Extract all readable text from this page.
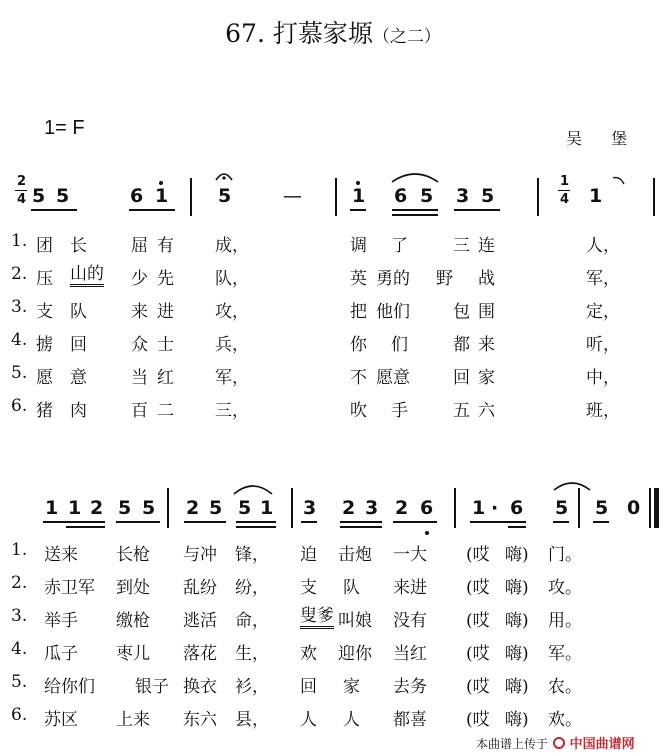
67. 打慕家塬（之二）
1= F	吴 堡
2
4 5 5	6 1	5	—	1 6 5 3 5
1
4 1
1. 团 长	屈 有 成，	调 了	三 连	人，
2. 压 山的 少 先 队，	英 勇的 野 战	军，
3. 支 队	来 进 攻，	把 他们	包 围	定，
4. 掳 回	众 士 兵，	你 们	都 来	听，
5. 愿 意	当 红 军，	不 愿意	回 家	中，
6. 猪 肉	百 二 三，	吹 手	五 六	班，
1 1 2 5 5 2 5 5 1 3 2 3 2 6 1 · 6 5 5 0
1. 送来 长枪 与冲 锋， 迫 击炮 一大 (哎 嗨) 门。
2. 赤卫军 到处 乱纷 纷， 支 队 来进 (哎 嗨) 攻。
3. 举手 缴枪 逃活 命， 叟爹 叫娘 没有 (哎 嗨) 用。
4. 瓜子 枣儿 落花 生， 欢 迎你 当红 (哎 嗨) 军。
5. 给你们 银子 换衣 衫， 回 家 去务 (哎 嗨) 农。
6. 苏区 上来 东六 县， 人 人 都喜 (哎 嗨) 欢。
本曲谱上传于 中国曲谱网
